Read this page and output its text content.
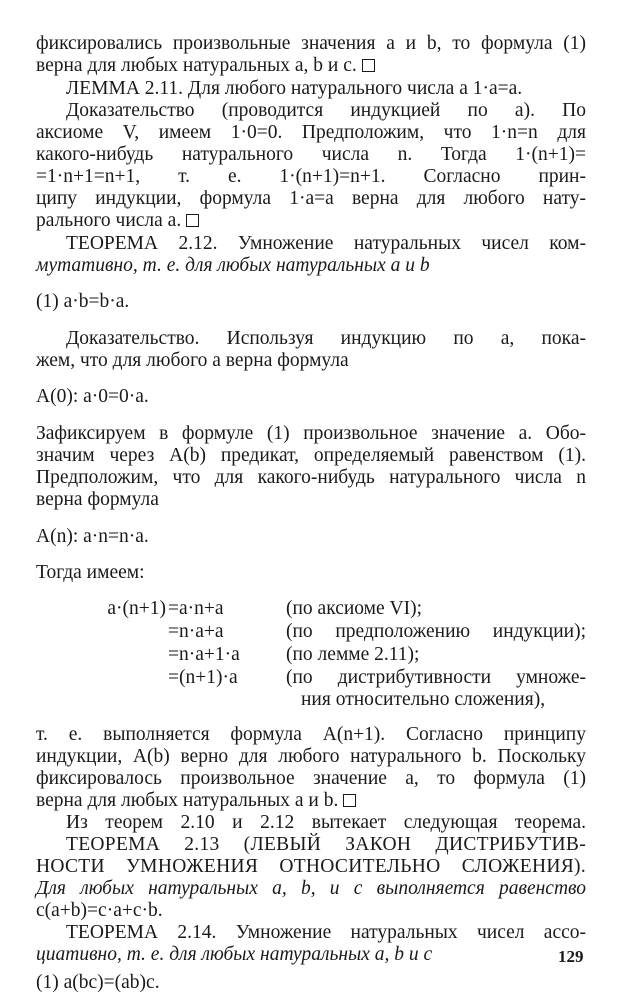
фиксировались произвольные значения a и b, то формула (1)
верна для любых натуральных a, b и c.
ЛЕММА 2.11. Для любого натурального числа a 1·a=a.
Доказательство (проводится индукцией по a). По
аксиоме V, имеем 1·0=0. Предположим, что 1·n=n для
какого-нибудь натурального числа n. Тогда 1·(n+1)=
=1·n+1=n+1, т. е. 1·(n+1)=n+1. Согласно прин-
ципу индукции, формула 1·a=a верна для любого нату-
рального числа a.
ТЕОРЕМА 2.12. Умножение натуральных чисел ком-
мутативно, т. е. для любых натуральных a и b
(1) a·b=b·a.
Доказательство. Используя индукцию по a, пока-
жем, что для любого a верна формула
A(0): a·0=0·a.
Зафиксируем в формуле (1) произвольное значение a. Обо-
значим через A(b) предикат, определяемый равенством (1).
Предположим, что для какого-нибудь натурального числа n
верна формула
A(n): a·n=n·a.
Тогда имеем:
a·(n+1) =a·n+a	(по аксиоме VI);
=n·a+a	(по предположению индукции);
=n·a+1·a (по лемме 2.11);
=(n+1)·a (по дистрибутивности умноже-
ния относительно сложения),
т. е. выполняется формула A(n+1). Согласно принципу
индукции, A(b) верно для любого натурального b. Поскольку
фиксировалось произвольное значение a, то формула (1)
верна для любых натуральных a и b.
Из теорем 2.10 и 2.12 вытекает следующая теорема.
ТЕОРЕМА 2.13 (ЛЕВЫЙ ЗАКОН ДИСТРИБУТИВ-
НОСТИ УМНОЖЕНИЯ ОТНОСИТЕЛЬНО СЛОЖЕНИЯ).
Для любых натуральных a, b, и c выполняется равенство
c(a+b)=c·a+c·b.
ТЕОРЕМА 2.14. Умножение натуральных чисел ассо-
циативно, т. е. для любых натуральных a, b и c
(1) a(bc)=(ab)c.
129
